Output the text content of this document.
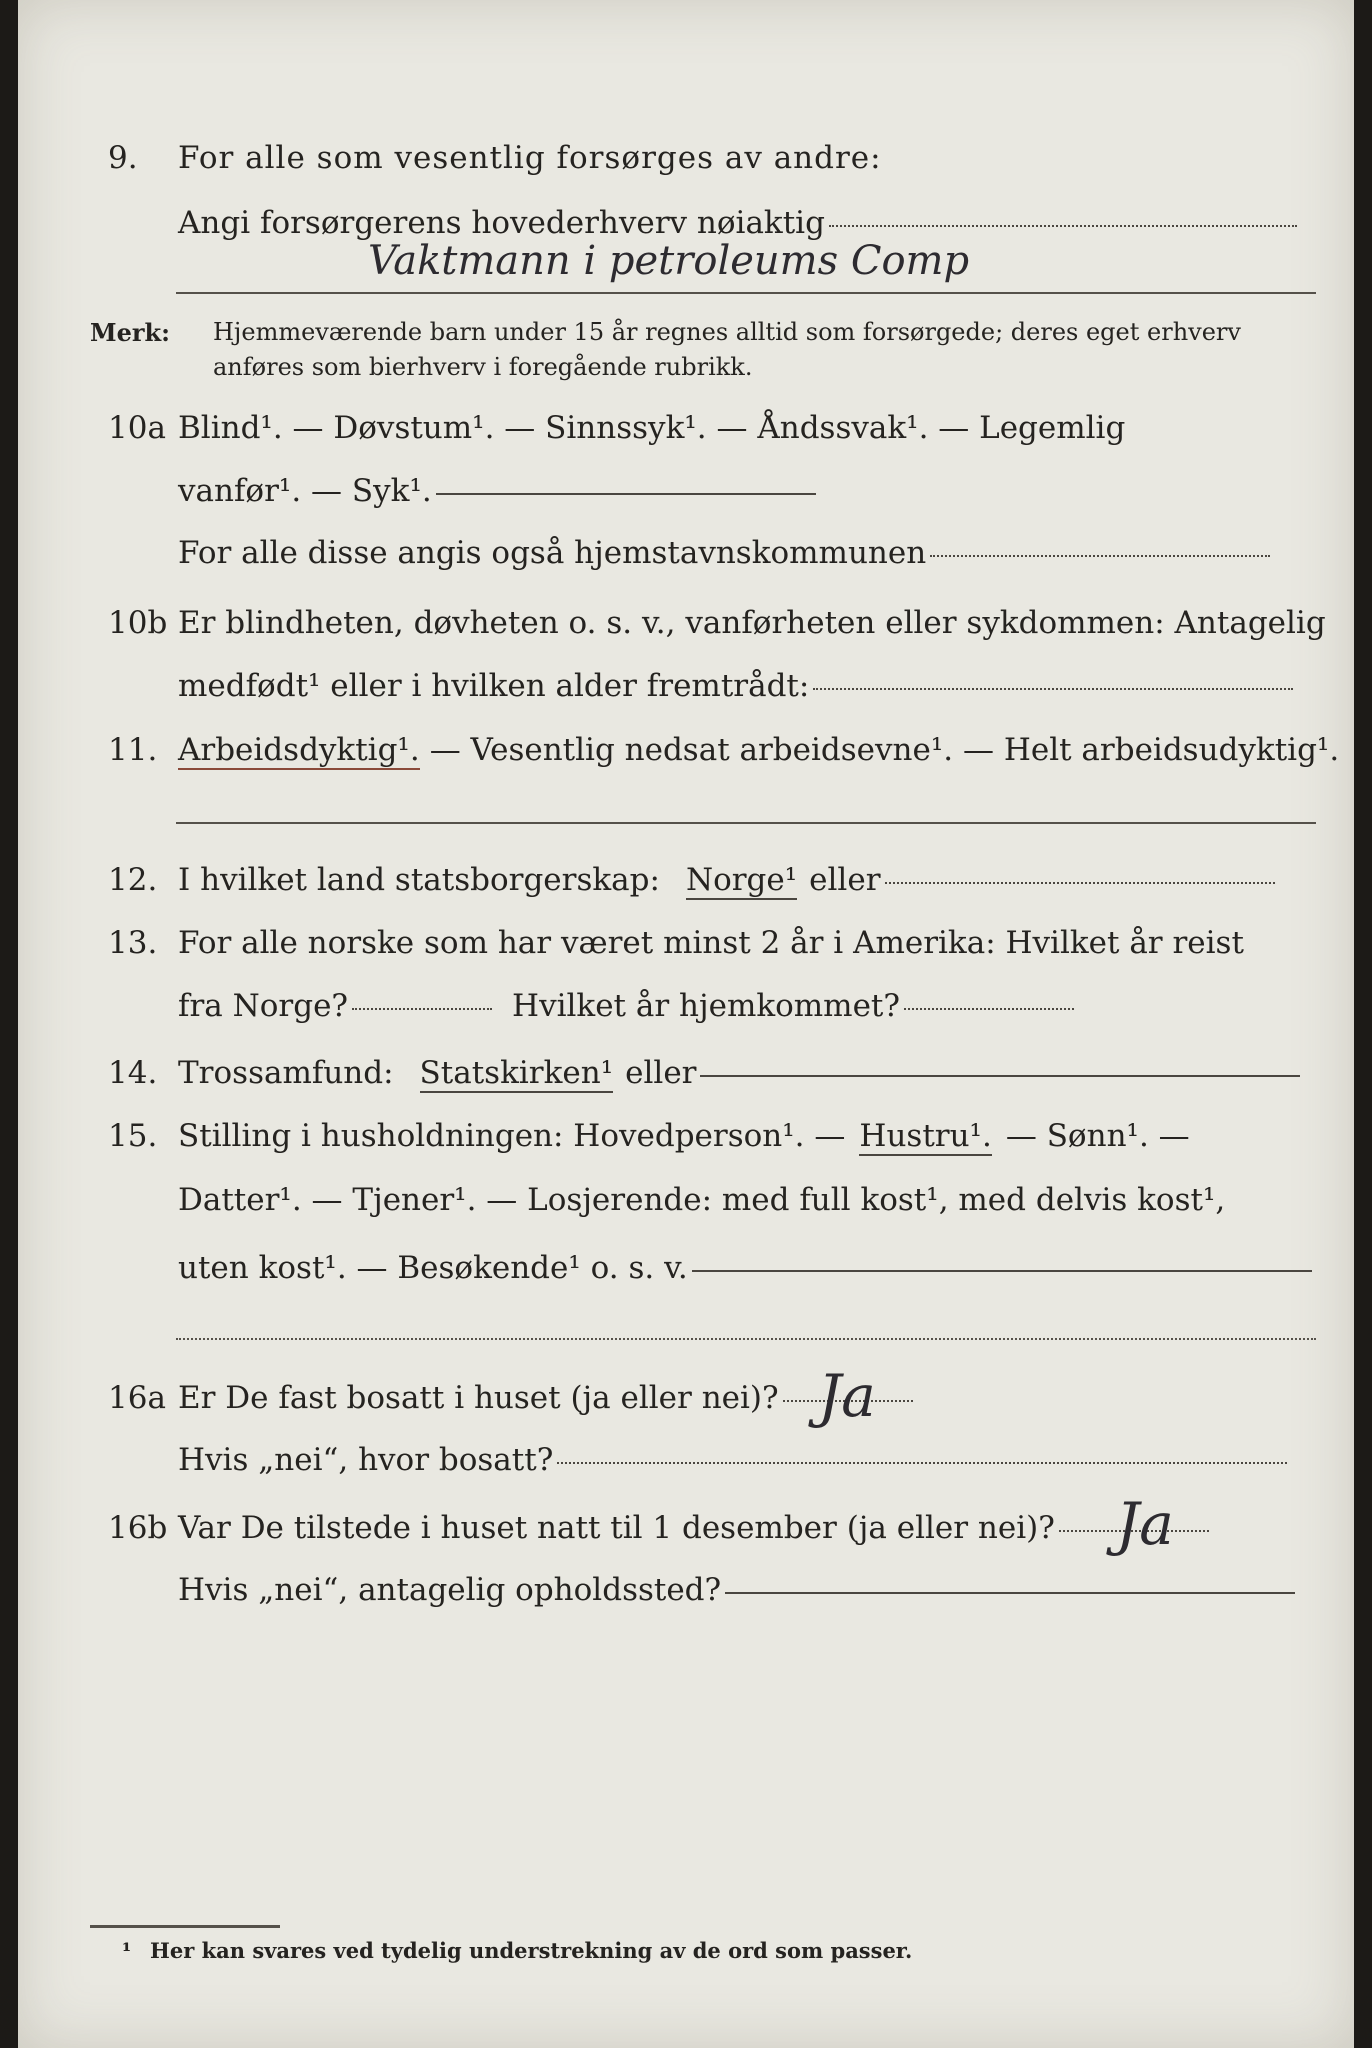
9. For alle som vesentlig forsørges av andre:
Angi forsørgerens hovederhverv nøiaktig
Vaktmann i petroleums Comp
Merk: Hjemmeværende barn under 15 år regnes alltid som forsørgede; deres eget erhverv
anføres som bierhverv i foregående rubrikk.
10a Blind¹. — Døvstum¹. — Sinnssyk¹. — Åndssvak¹. — Legemlig
vanfør¹. — Syk¹.
For alle disse angis også hjemstavnskommunen
10b Er blindheten, døvheten o. s. v., vanførheten eller sykdommen: Antagelig
medfødt¹ eller i hvilken alder fremtrådt:
11. Arbeidsdyktig¹. — Vesentlig nedsat arbeidsevne¹. — Helt arbeidsudyktig¹.
12. I hvilket land statsborgerskap: Norge¹ eller
13. For alle norske som har været minst 2 år i Amerika: Hvilket år reist
fra Norge?	Hvilket år hjemkommet?
14. Trossamfund: Statskirken¹ eller
15. Stilling i husholdningen: Hovedperson¹. — Hustru¹. — Sønn¹. —
Datter¹. — Tjener¹. — Losjerende: med full kost¹, med delvis kost¹,
uten kost¹. — Besøkende¹ o. s. v.
16a Er De fast bosatt i huset (ja eller nei)? Ja
Hvis „nei“, hvor bosatt?
16b Var De tilstede i huset natt til 1 desember (ja eller nei)? Ja
Hvis „nei“, antagelig opholdssted?
¹ Her kan svares ved tydelig understrekning av de ord som passer.
